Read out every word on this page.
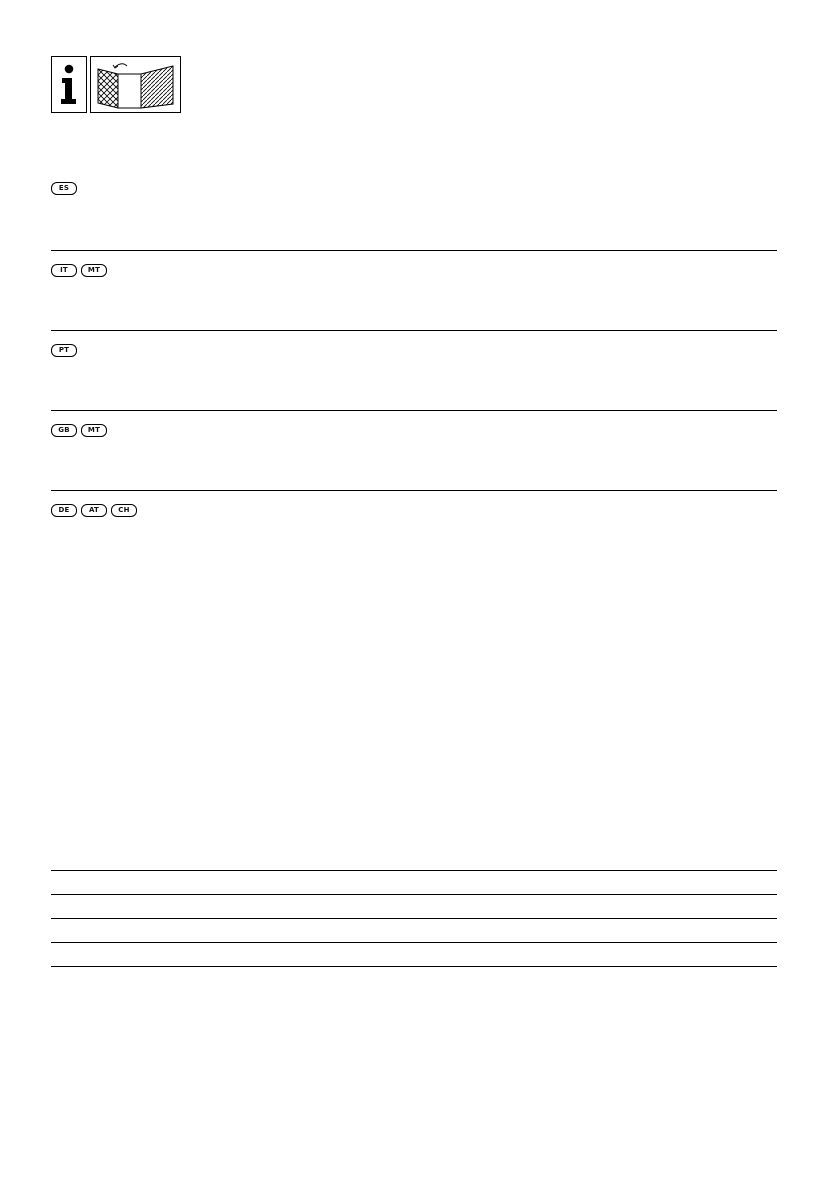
ES
IT	MT
PT
GB	MT
DE	AT	CH
